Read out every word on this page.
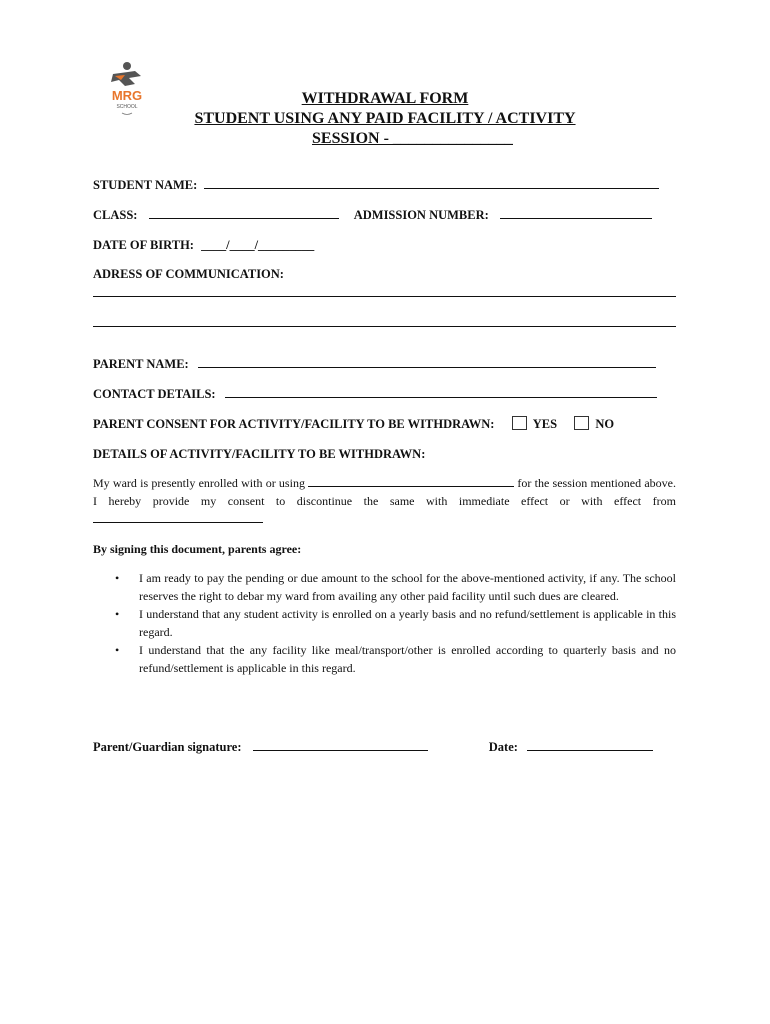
MRG
SCHOOL	WITHDRAWAL FORM
STUDENT USING ANY PAID FACILITY / ACTIVITY
SESSION - _______________
STUDENT NAME:
CLASS:	ADMISSION NUMBER:
DATE OF BIRTH: ____/____/_________
ADRESS OF COMMUNICATION:
PARENT NAME:
CONTACT DETAILS:
PARENT CONSENT FOR ACTIVITY/FACILITY TO BE WITHDRAWN:	YES	NO
DETAILS OF ACTIVITY/FACILITY TO BE WITHDRAWN:
My ward is presently enrolled with or using	for the session mentioned above. I hereby provide my consent to discontinue the same with immediate effect or with effect from
By signing this document, parents agree:
• I am ready to pay the pending or due amount to the school for the above-mentioned activity, if any. The school reserves the right to debar my ward from availing any other paid facility until such dues are cleared.
• I understand that any student activity is enrolled on a yearly basis and no refund/settlement is applicable in this regard.
• I understand that the any facility like meal/transport/other is enrolled according to quarterly basis and no refund/settlement is applicable in this regard.
Parent/Guardian signature:	Date:
